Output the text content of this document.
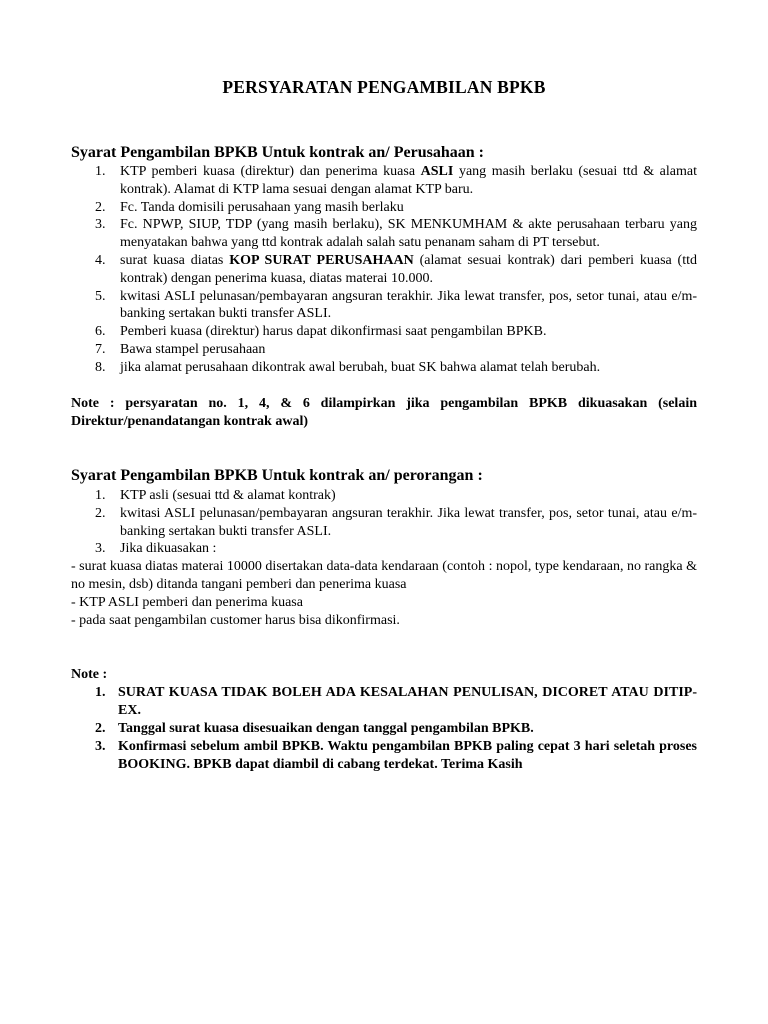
PERSYARATAN PENGAMBILAN BPKB
Syarat Pengambilan BPKB Untuk kontrak an/ Perusahaan :
1. KTP pemberi kuasa (direktur) dan penerima kuasa ASLI yang masih berlaku (sesuai ttd & alamat kontrak). Alamat di KTP lama sesuai dengan alamat KTP baru.
2. Fc. Tanda domisili perusahaan yang masih berlaku
3. Fc. NPWP, SIUP, TDP (yang masih berlaku), SK MENKUMHAM & akte perusahaan terbaru yang menyatakan bahwa yang ttd kontrak adalah salah satu penanam saham di PT tersebut.
4. surat kuasa diatas KOP SURAT PERUSAHAAN (alamat sesuai kontrak) dari pemberi kuasa (ttd kontrak) dengan penerima kuasa, diatas materai 10.000.
5. kwitasi ASLI pelunasan/pembayaran angsuran terakhir. Jika lewat transfer, pos, setor tunai, atau e/m-banking sertakan bukti transfer ASLI.
6. Pemberi kuasa (direktur) harus dapat dikonfirmasi saat pengambilan BPKB.
7. Bawa stampel perusahaan
8. jika alamat perusahaan dikontrak awal berubah, buat SK bahwa alamat telah berubah.
Note : persyaratan no. 1, 4, & 6 dilampirkan jika pengambilan BPKB dikuasakan (selain Direktur/penandatangan kontrak awal)
Syarat Pengambilan BPKB Untuk kontrak an/ perorangan :
1. KTP asli (sesuai ttd & alamat kontrak)
2. kwitasi ASLI pelunasan/pembayaran angsuran terakhir. Jika lewat transfer, pos, setor tunai, atau e/m-banking sertakan bukti transfer ASLI.
3. Jika dikuasakan :
- surat kuasa diatas materai 10000 disertakan data-data kendaraan (contoh : nopol, type kendaraan, no rangka & no mesin, dsb) ditanda tangani pemberi dan penerima kuasa
- KTP ASLI pemberi dan penerima kuasa
- pada saat pengambilan customer harus bisa dikonfirmasi.
Note :
1. SURAT KUASA TIDAK BOLEH ADA KESALAHAN PENULISAN, DICORET ATAU DITIP-EX.
2. Tanggal surat kuasa disesuaikan dengan tanggal pengambilan BPKB.
3. Konfirmasi sebelum ambil BPKB. Waktu pengambilan BPKB paling cepat 3 hari seletah proses BOOKING. BPKB dapat diambil di cabang terdekat. Terima Kasih
